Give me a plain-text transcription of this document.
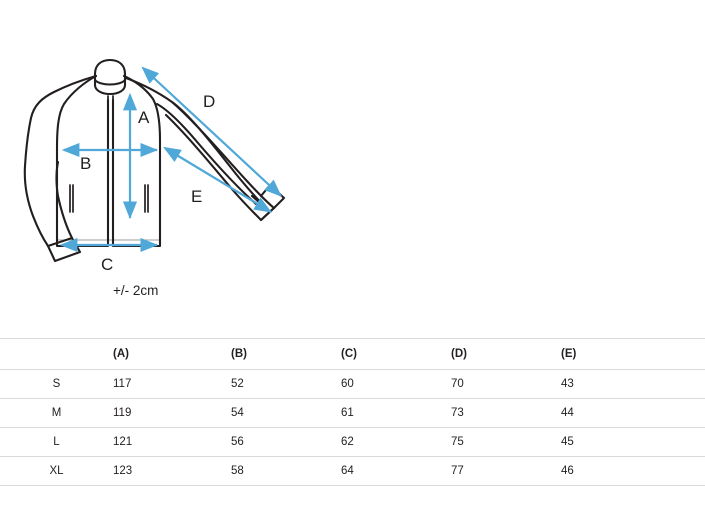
A
B
C
D
E
+/- 2cm

	(A)	(B)	(C)	(D)	(E)
S	117	52	60	70	43
M	119	54	61	73	44
L	121	56	62	75	45
XL	123	58	64	77	46
